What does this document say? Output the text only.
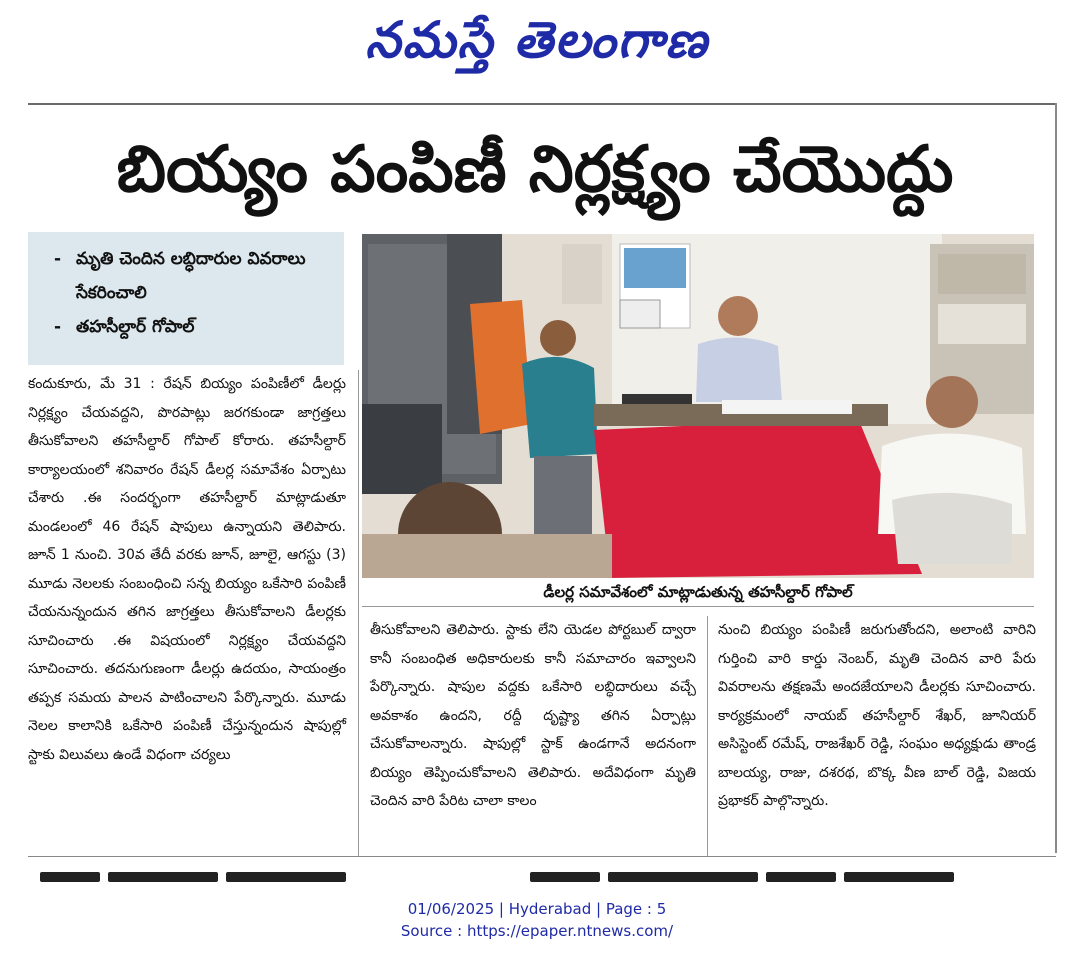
నమస్తే తెలంగాణ
బియ్యం పంపిణీ నిర్లక్ష్యం చేయొద్దు
- మృతి చెందిన లబ్ధిదారుల వివరాలు సేకరించాలి
- తహసీల్దార్ గోపాల్
డీలర్ల సమావేశంలో మాట్లాడుతున్న తహసీల్దార్ గోపాల్

కందుకూరు, మే 31 : రేషన్ బియ్యం పంపిణీలో డీలర్లు నిర్లక్ష్యం చేయవద్దని, పొరపాట్లు జరగకుండా జాగ్రత్తలు తీసుకోవాలని తహసీల్దార్ గోపాల్ కోరారు. తహసీల్దార్ కార్యాలయంలో శనివారం రేషన్ డీలర్ల సమావేశం ఏర్పాటు చేశారు .ఈ సందర్భంగా తహసీల్దార్ మాట్లాడుతూ మండలంలో 46 రేషన్ షాపులు ఉన్నాయని తెలిపారు. జూన్ 1 నుంచి. 30వ తేదీ వరకు జూన్, జూలై, ఆగస్టు (3) మూడు నెలలకు సంబంధించి సన్న బియ్యం ఒకేసారి పంపిణీ చేయనున్నందున తగిన జాగ్రత్తలు తీసుకోవాలని డీలర్లకు సూచించారు .ఈ విషయంలో నిర్లక్ష్యం చేయవద్దని సూచించారు. తదనుగుణంగా డీలర్లు ఉదయం, సాయంత్రం తప్పక సమయ పాలన పాటించాలని పేర్కొన్నారు. మూడు నెలల కాలానికి ఒకేసారి పంపిణీ చేస్తున్నందున షాపుల్లో స్టాకు విలువలు ఉండే విధంగా చర్యలు

తీసుకోవాలని తెలిపారు. స్టాకు లేని యెడల పోర్టబుల్ ద్వారా కానీ సంబంధిత అధికారులకు కానీ సమాచారం ఇవ్వాలని పేర్కొన్నారు. షాపుల వద్దకు ఒకేసారి లబ్ధిదారులు వచ్చే అవకాశం ఉందని, రద్దీ దృష్ట్యా తగిన ఏర్పాట్లు చేసుకోవాలన్నారు. షాపుల్లో స్టాక్ ఉండగానే అదనంగా బియ్యం తెప్పించుకోవాలని తెలిపారు. అదేవిధంగా మృతి చెందిన వారి పేరిట చాలా కాలం

నుంచి బియ్యం పంపిణీ జరుగుతోందని, అలాంటి వారిని గుర్తించి వారి కార్డు నెంబర్, మృతి చెందిన వారి పేరు వివరాలను తక్షణమే అందజేయాలని డీలర్లకు సూచించారు. కార్యక్రమంలో నాయబ్ తహసీల్దార్ శేఖర్, జూనియర్ అసిస్టెంట్ రమేష్, రాజశేఖర్ రెడ్డి, సంఘం అధ్యక్షుడు తాండ్ర బాలయ్య, రాజు, దశరథ, బొక్క వీణ బాల్ రెడ్డి, విజయ ప్రభాకర్ పాల్గొన్నారు.

01/06/2025 | Hyderabad | Page : 5
Source : https://epaper.ntnews.com/
